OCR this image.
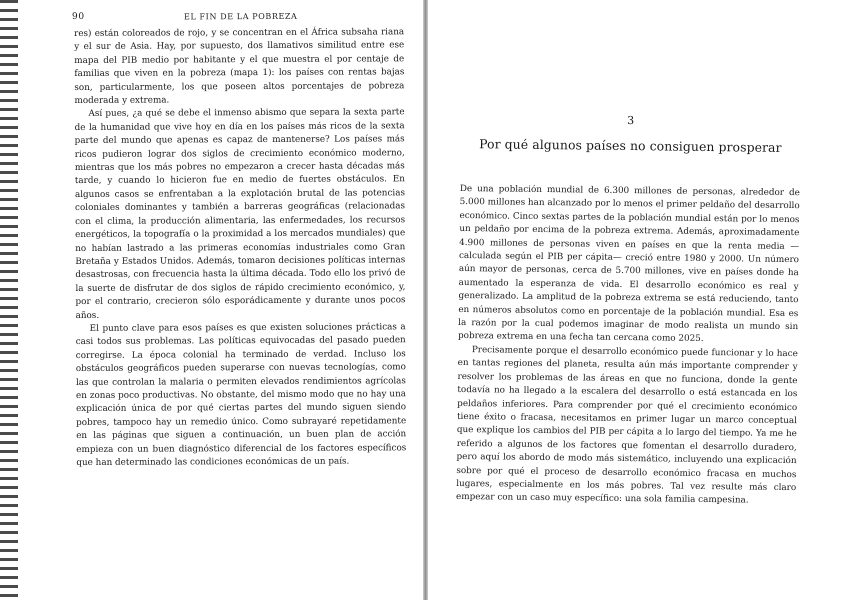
90	EL FIN DE LA POBREZA

res) están coloreados de rojo, y se concentran en el África subsaha riana y el sur de Asia. Hay, por supuesto, dos llamativos similitud entre ese mapa del PIB medio por habitante y el que muestra el por centaje de familias que viven en la pobreza (mapa 1): los países con rentas bajas son, particularmente, los que poseen altos porcentajes de pobreza moderada y extrema.

Así pues, ¿a qué se debe el inmenso abismo que separa la sexta parte de la humanidad que vive hoy en día en los países más ricos de la sexta parte del mundo que apenas es capaz de mantenerse? Los países más ricos pudieron lograr dos siglos de crecimiento económico moderno, mientras que los más pobres no empezaron a crecer hasta décadas más tarde, y cuando lo hicieron fue en medio de fuertes obstáculos. En algunos casos se enfrentaban a la explotación brutal de las potencias coloniales dominantes y también a barreras geográficas (relacionadas con el clima, la producción alimentaria, las enfermedades, los recursos energéticos, la topografía o la proximidad a los mercados mundiales) que no habían lastrado a las primeras economías industriales como Gran Bretaña y Estados Unidos. Además, tomaron decisiones políticas internas desastrosas, con frecuencia hasta la última década. Todo ello los privó de la suerte de disfrutar de dos siglos de rápido crecimiento económico, y, por el contrario, crecieron sólo esporádicamente y durante unos pocos años.

El punto clave para esos países es que existen soluciones prácticas a casi todos sus problemas. Las políticas equivocadas del pasado pueden corregirse. La época colonial ha terminado de verdad. Incluso los obstáculos geográficos pueden superarse con nuevas tecnologías, como las que controlan la malaria o permiten elevados rendimientos agrícolas en zonas poco productivas. No obstante, del mismo modo que no hay una explicación única de por qué ciertas partes del mundo siguen siendo pobres, tampoco hay un remedio único. Como subrayaré repetidamente en las páginas que siguen a continuación, un buen plan de acción empieza con un buen diagnóstico diferencial de los factores específicos que han determinado las condiciones económicas de un país.

3
Por qué algunos países no consiguen prosperar

De una población mundial de 6.300 millones de personas, alrededor de 5.000 millones han alcanzado por lo menos el primer peldaño del desarrollo económico. Cinco sextas partes de la población mundial están por lo menos un peldaño por encima de la pobreza extrema. Además, aproximadamente 4.900 millones de personas viven en países en que la renta media —calculada según el PIB per cápita— creció entre 1980 y 2000. Un número aún mayor de personas, cerca de 5.700 millones, vive en países donde ha aumentado la esperanza de vida. El desarrollo económico es real y generalizado. La amplitud de la pobreza extrema se está reduciendo, tanto en números absolutos como en porcentaje de la población mundial. Esa es la razón por la cual podemos imaginar de modo realista un mundo sin pobreza extrema en una fecha tan cercana como 2025.

Precisamente porque el desarrollo económico puede funcionar y lo hace en tantas regiones del planeta, resulta aún más importante comprender y resolver los problemas de las áreas en que no funciona, donde la gente todavía no ha llegado a la escalera del desarrollo o está estancada en los peldaños inferiores. Para comprender por qué el crecimiento económico tiene éxito o fracasa, necesitamos en primer lugar un marco conceptual que explique los cambios del PIB per cápita a lo largo del tiempo. Ya me he referido a algunos de los factores que fomentan el desarrollo duradero, pero aquí los abordo de modo más sistemático, incluyendo una explicación sobre por qué el proceso de desarrollo económico fracasa en muchos lugares, especialmente en los más pobres. Tal vez resulte más claro empezar con un caso muy específico: una sola familia campesina.
